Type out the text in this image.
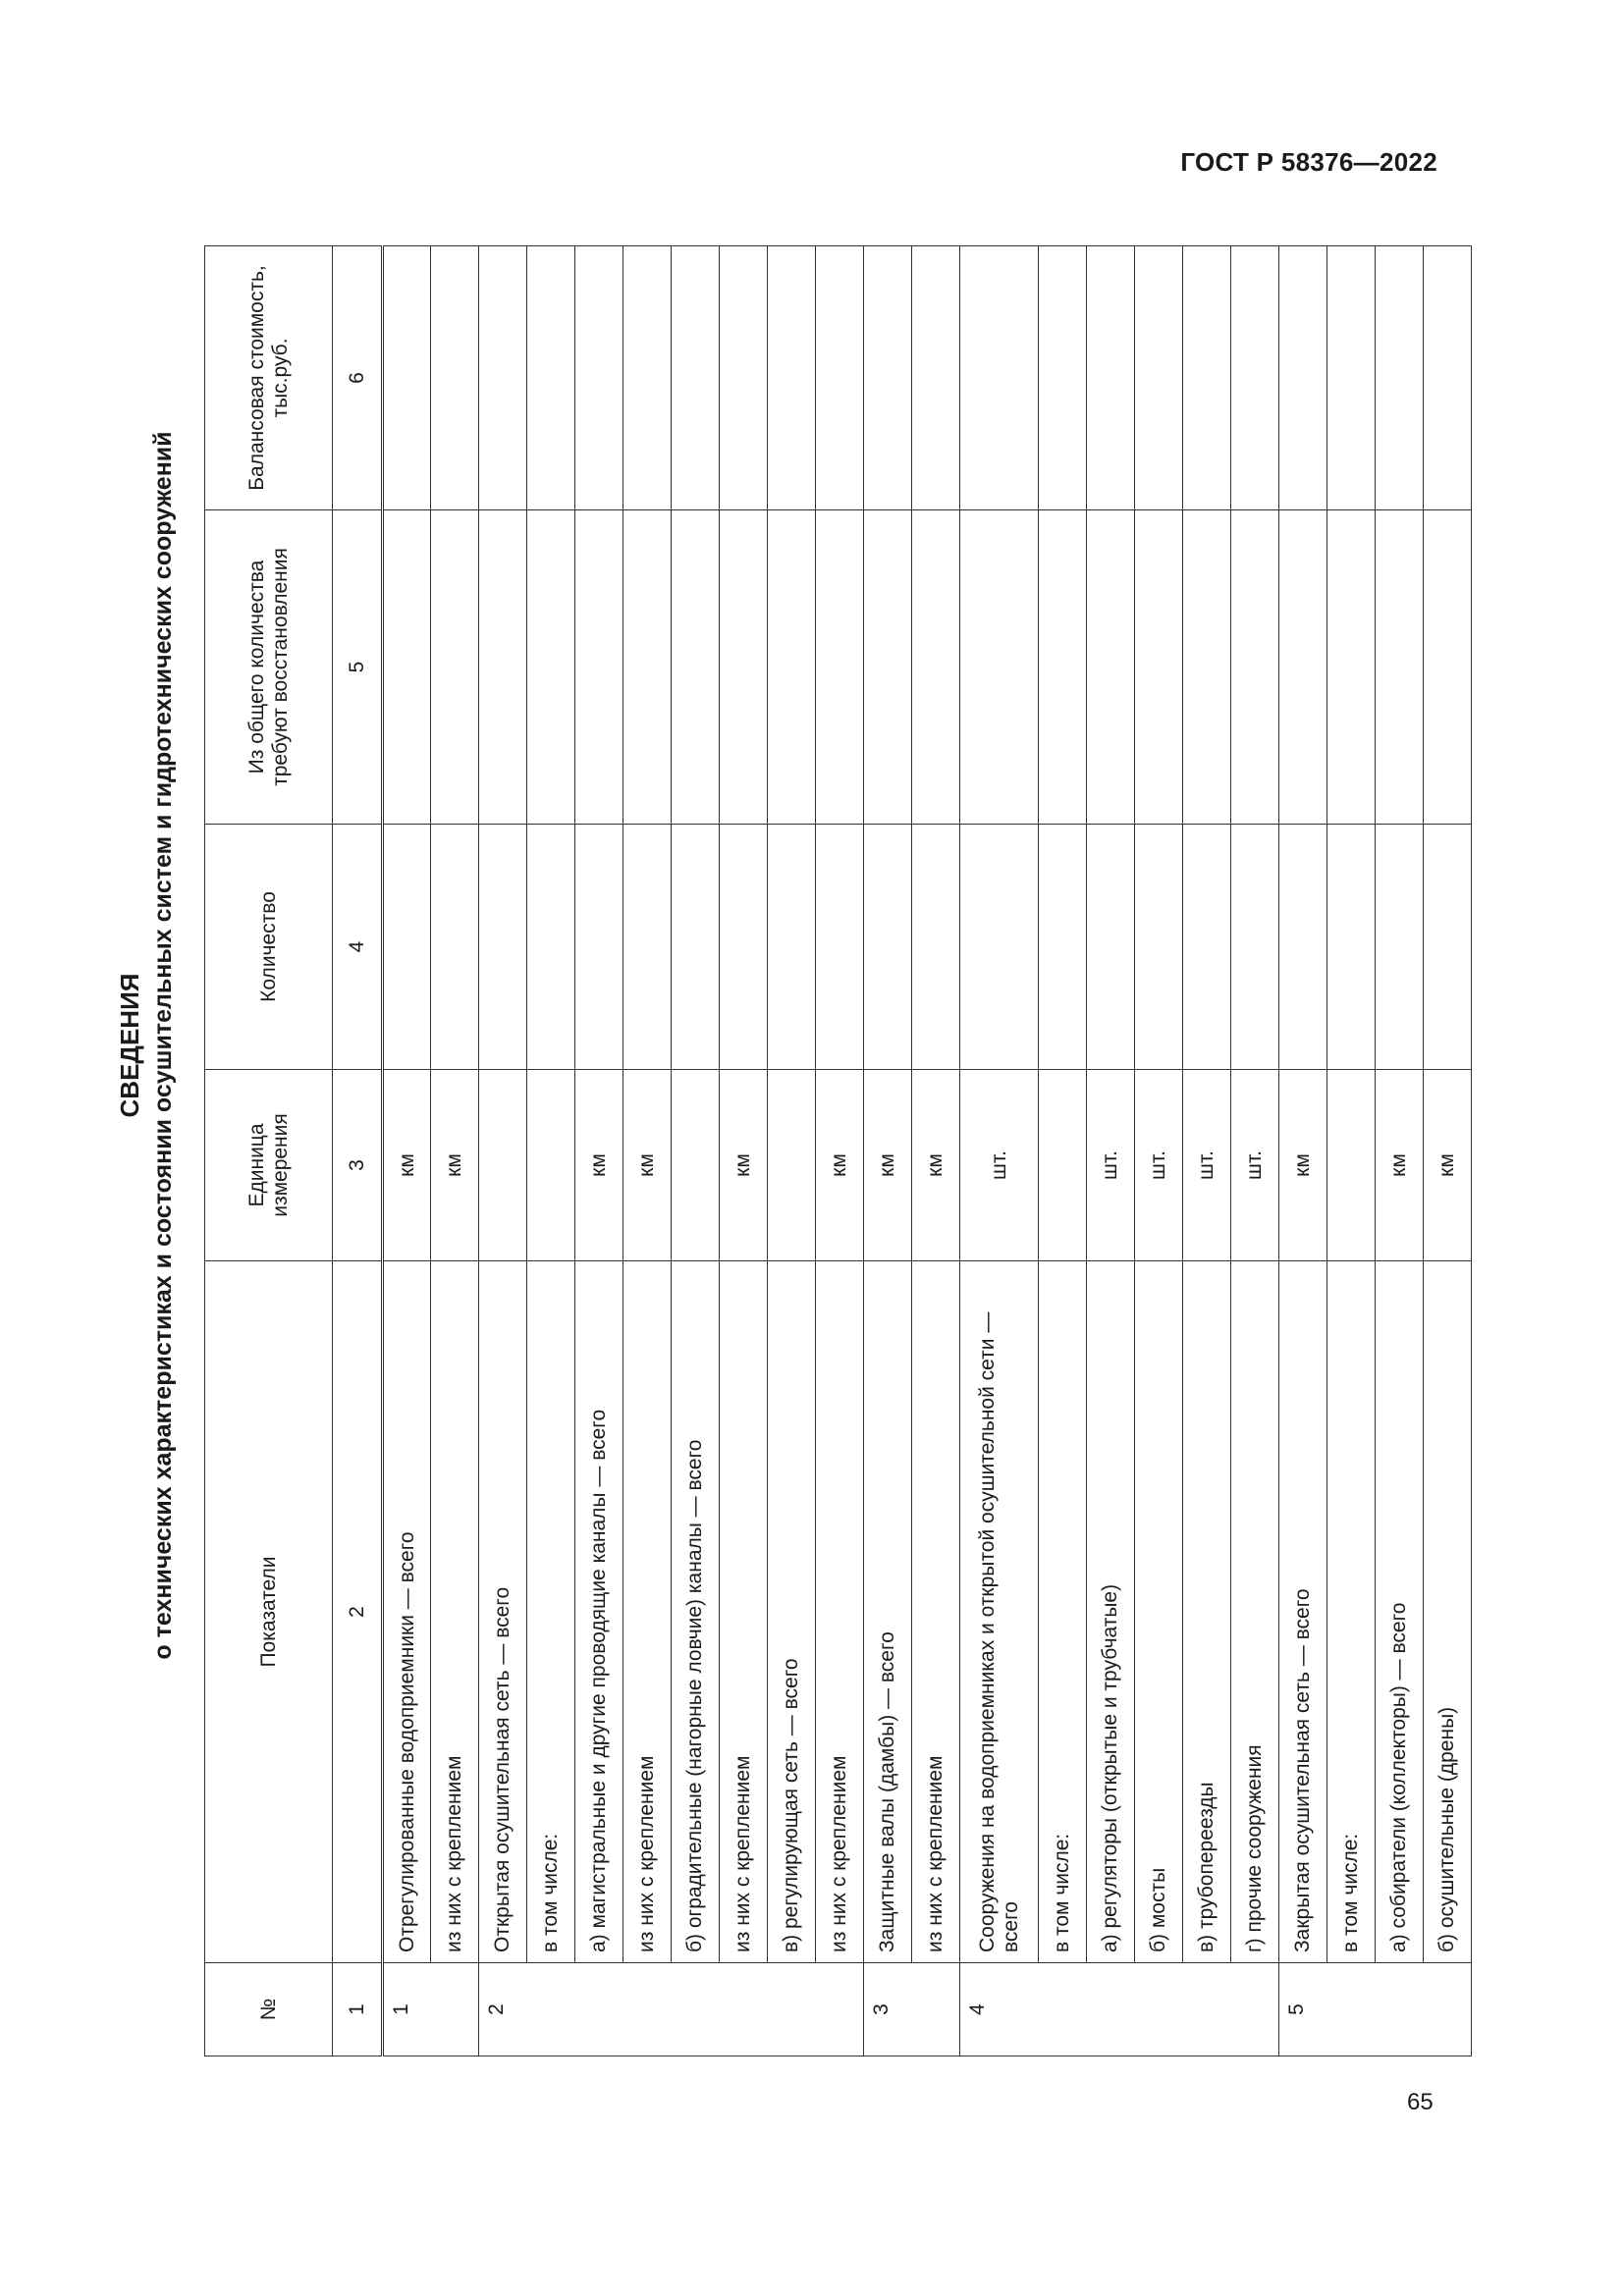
ГОСТ Р 58376—2022
СВЕДЕНИЯ о технических характеристиках и состоянии осушительных систем и гидротехнических сооружений
№	Показатели	Единица измерения	Количество	Из общего количества требуют восстановления	Балансовая стоимость, тыс.руб.
1	2	3	4	5	6
1	Отрегулированные водоприемники — всего	км			
	из них с креплением	км			
2	Открытая осушительная сеть — всего				
	в том числе:				
	а) магистральные и другие проводящие каналы — всего	км			
	из них с креплением	км			
	б) оградительные (нагорные ловчие) каналы — всего				
	из них с креплением	км			
	в) регулирующая сеть — всего				
	из них с креплением	км			
3	Защитные валы (дамбы) — всего	км			
	из них с креплением	км			
4	Сооружения на водоприемниках и открытой осушительной сети — всего	шт.			
	в том числе:				
	а) регуляторы (открытые и трубчатые)	шт.			
	б) мосты	шт.			
	в) трубопереезды	шт.			
	г) прочие сооружения	шт.			
5	Закрытая осушительная сеть — всего	км			
	в том числе:				
	а) собиратели (коллекторы) — всего	км			
	б) осушительные (дрены)	км			
65
